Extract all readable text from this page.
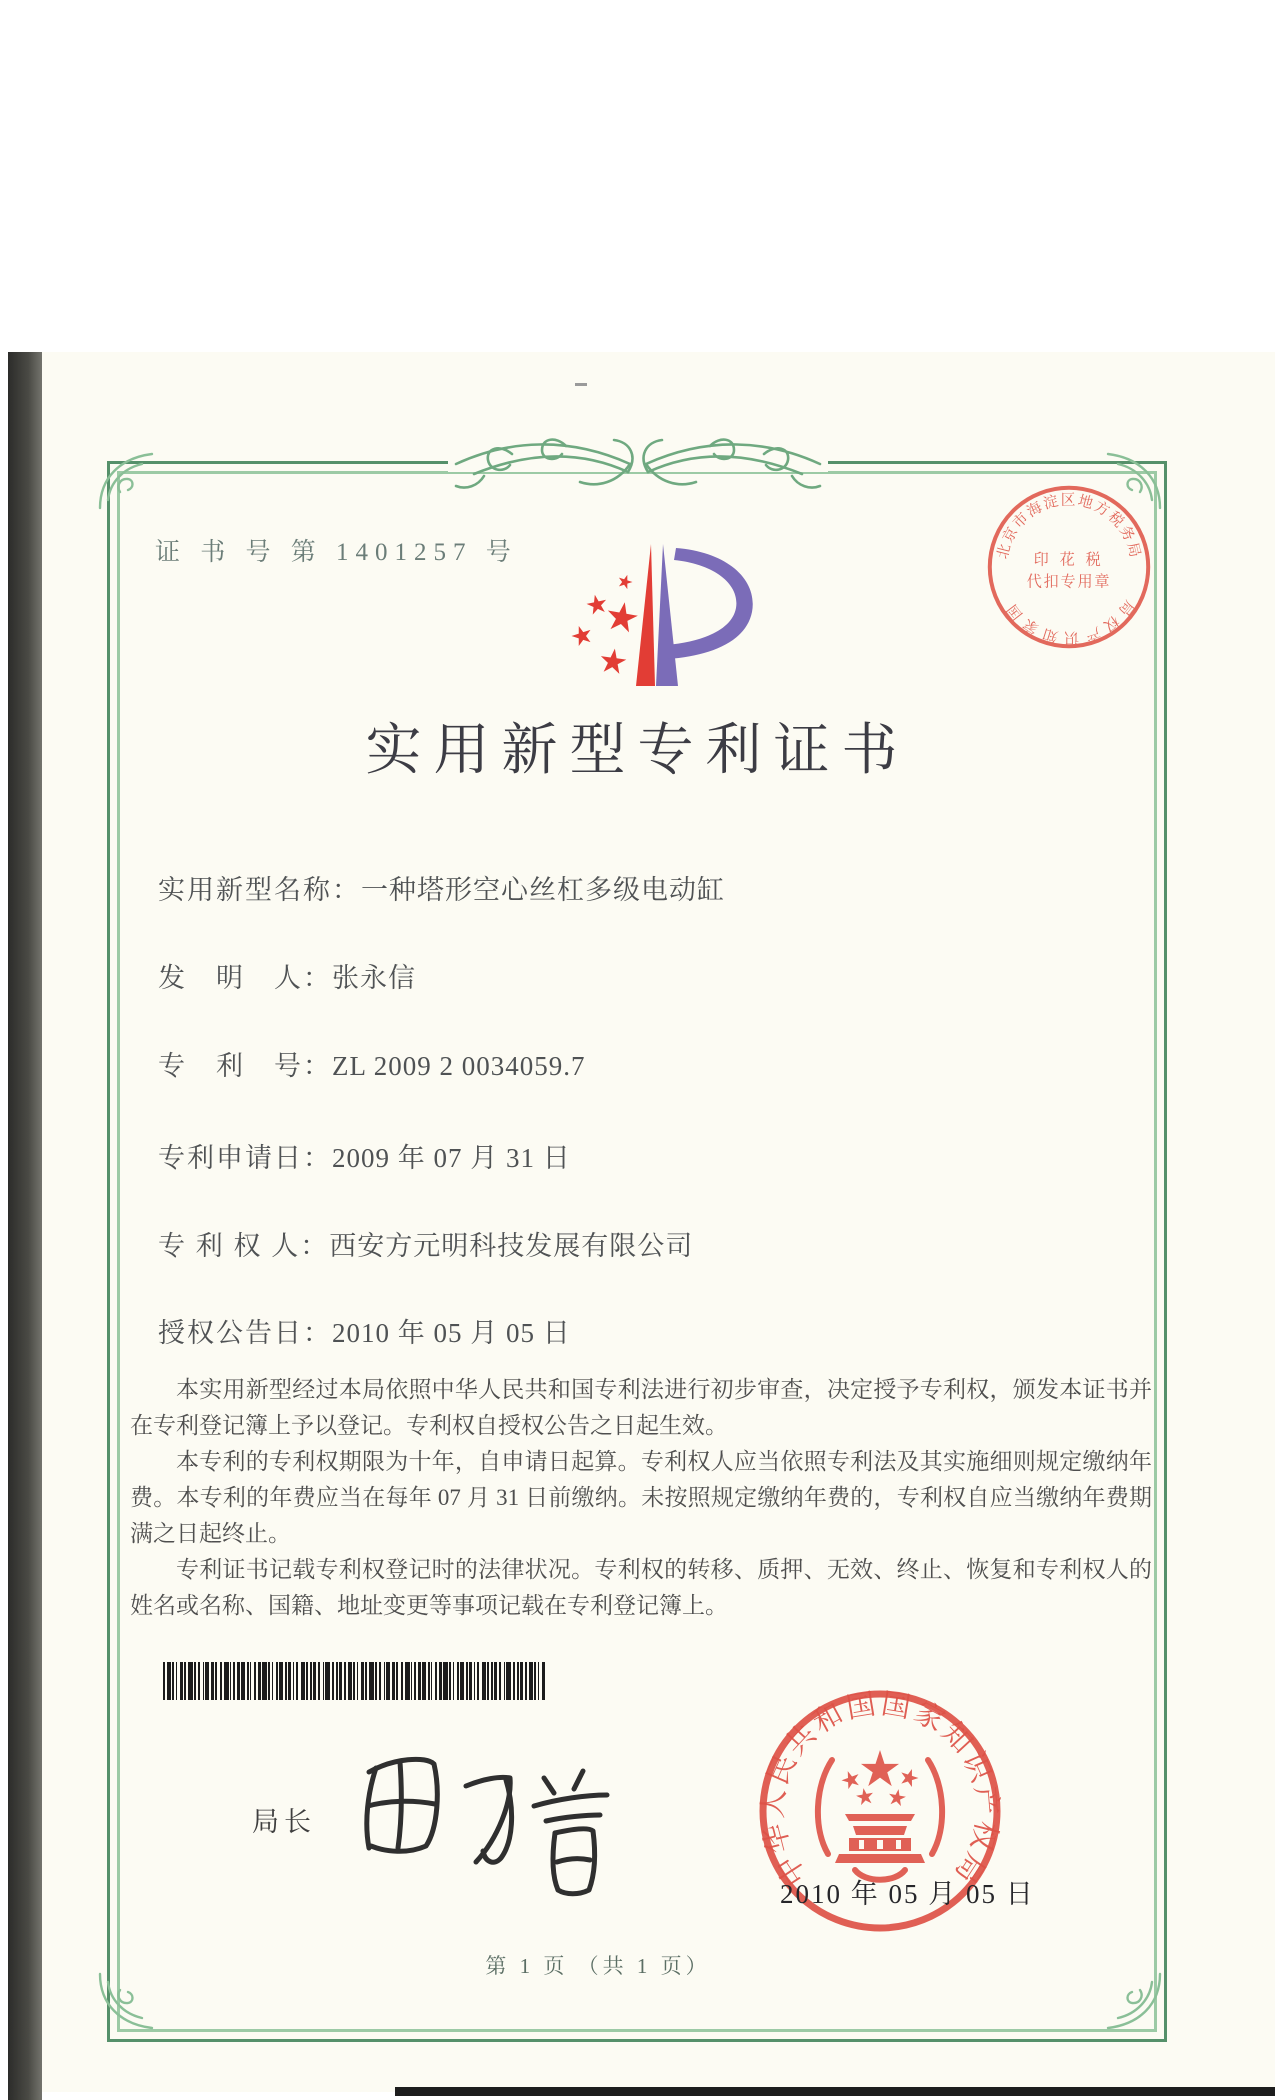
证 书 号 第 1401257 号
实用新型专利证书
北京市海淀区地方税务局
局权产识知家国
印 花 税
代扣专用章
实用新型名称：一种塔形空心丝杠多级电动缸
发　明　人：张永信
专　利　号：ZL 2009 2 0034059.7
专利申请日：2009 年 07 月 31 日
专 利 权 人：西安方元明科技发展有限公司
授权公告日：2010 年 05 月 05 日

本实用新型经过本局依照中华人民共和国专利法进行初步审查，决定授予专利权，颁发本证书并在专利登记簿上予以登记。专利权自授权公告之日起生效。

本专利的专利权期限为十年，自申请日起算。专利权人应当依照专利法及其实施细则规定缴纳年费。本专利的年费应当在每年 07 月 31 日前缴纳。未按照规定缴纳年费的，专利权自应当缴纳年费期满之日起终止。

专利证书记载专利权登记时的法律状况。专利权的转移、质押、无效、终止、恢复和专利权人的姓名或名称、国籍、地址变更等事项记载在专利登记簿上。

局长
中华人民共和国国家知识产权局
2010 年 05 月 05 日
第 1 页 （共 1 页）
